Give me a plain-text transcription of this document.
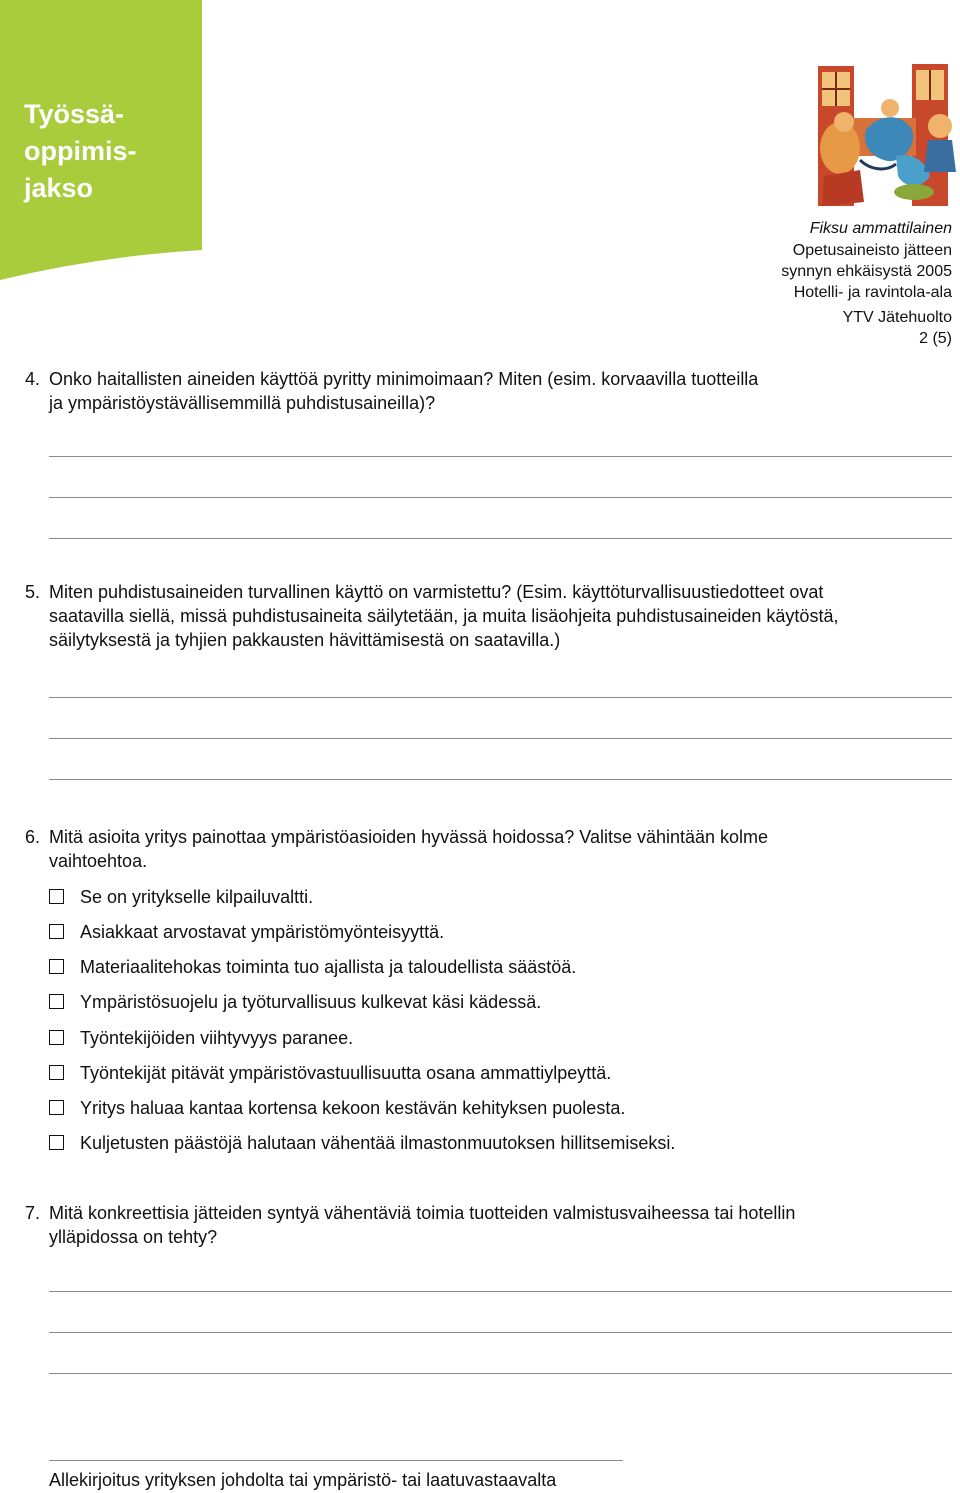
Työssä-
oppimis-
jakso
Fiksu ammattilainen
Opetusaineisto jätteen
synnyn ehkäisystä 2005
Hotelli- ja ravintola-ala
YTV Jätehuolto
2 (5)
4. Onko haitallisten aineiden käyttöä pyritty minimoimaan? Miten (esim. korvaavilla tuotteilla
ja ympäristöystävällisemmillä puhdistusaineilla)?
5. Miten puhdistusaineiden turvallinen käyttö on varmistettu? (Esim. käyttöturvallisuustiedotteet ovat
saatavilla siellä, missä puhdistusaineita säilytetään, ja muita lisäohjeita puhdistusaineiden käytöstä,
säilytyksestä ja tyhjien pakkausten hävittämisestä on saatavilla.)
6. Mitä asioita yritys painottaa ympäristöasioiden hyvässä hoidossa? Valitse vähintään kolme
vaihtoehtoa.
Se on yritykselle kilpailuvaltti.
Asiakkaat arvostavat ympäristömyönteisyyttä.
Materiaalitehokas toiminta tuo ajallista ja taloudellista säästöä.
Ympäristösuojelu ja työturvallisuus kulkevat käsi kädessä.
Työntekijöiden viihtyvyys paranee.
Työntekijät pitävät ympäristövastuullisuutta osana ammattiylpeyttä.
Yritys haluaa kantaa kortensa kekoon kestävän kehityksen puolesta.
Kuljetusten päästöjä halutaan vähentää ilmastonmuutoksen hillitsemiseksi.
7. Mitä konkreettisia jätteiden syntyä vähentäviä toimia tuotteiden valmistusvaiheessa tai hotellin
ylläpidossa on tehty?
Allekirjoitus yrityksen johdolta tai ympäristö- tai laatuvastaavalta
